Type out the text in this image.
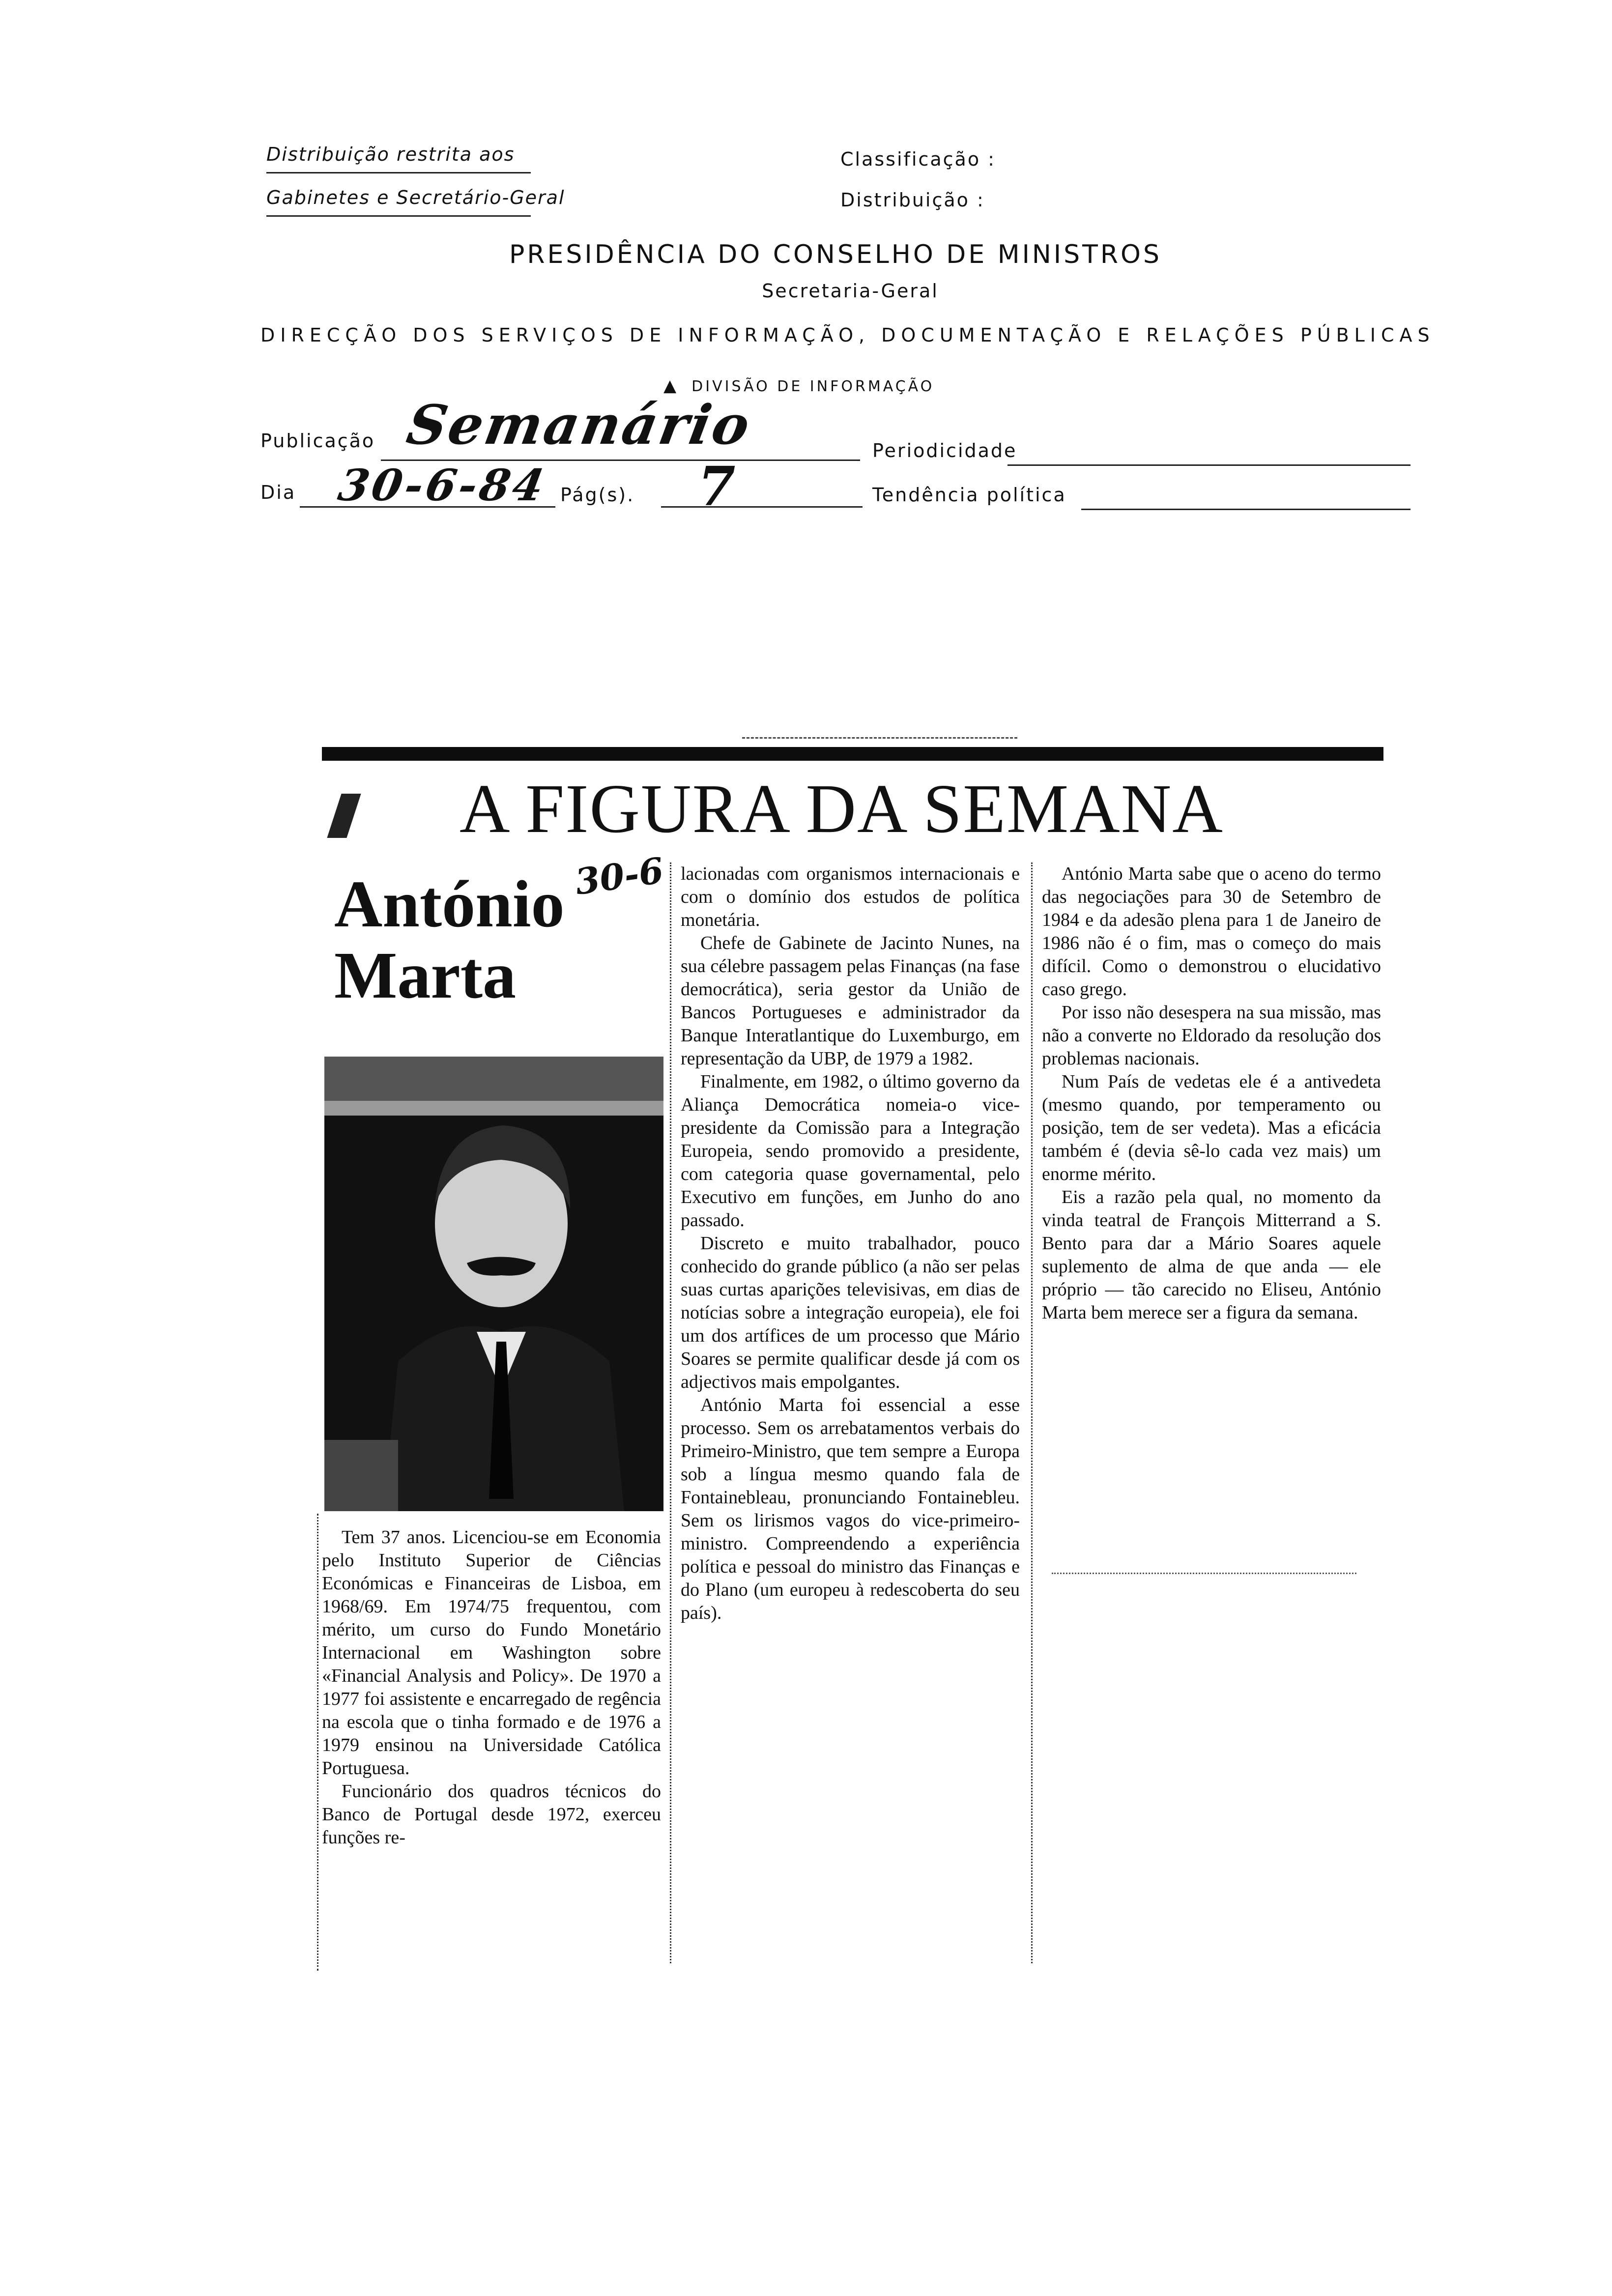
Distribuição restrita aos
Gabinetes e Secretário-Geral
Classificação :
Distribuição :
PRESIDÊNCIA DO CONSELHO DE MINISTROS
Secretaria-Geral
DIRECÇÃO DOS SERVIÇOS DE INFORMAÇÃO, DOCUMENTAÇÃO E RELAÇÕES PÚBLICAS
▲ DIVISÃO DE INFORMAÇÃO
Publicação Semanário	Periodicidade
Dia 30-6-84 Pág(s). 7	Tendência política
A FIGURA DA SEMANA
António
Marta
30-6

Tem 37 anos. Licenciou-se em Economia pelo Instituto Superior de Ciências Económicas e Financeiras de Lisboa, em 1968/69. Em 1974/75 frequentou, com mérito, um curso do Fundo Monetário Internacional em Washington sobre «Financial Analysis and Policy». De 1970 a 1977 foi assistente e encarregado de regência na escola que o tinha formado e de 1976 a 1979 ensinou na Universidade Católica Portuguesa.

Funcionário dos quadros técnicos do Banco de Portugal desde 1972, exerceu funções re-

lacionadas com organismos internacionais e com o domínio dos estudos de política monetária.

Chefe de Gabinete de Jacinto Nunes, na sua célebre passagem pelas Finanças (na fase democrática), seria gestor da União de Bancos Portugueses e administrador da Banque Interatlantique do Luxemburgo, em representação da UBP, de 1979 a 1982.

Finalmente, em 1982, o último governo da Aliança Democrática nomeia-o vice-presidente da Comissão para a Integração Europeia, sendo promovido a presidente, com categoria quase governamental, pelo Executivo em funções, em Junho do ano passado.

Discreto e muito trabalhador, pouco conhecido do grande público (a não ser pelas suas curtas aparições televisivas, em dias de notícias sobre a integração europeia), ele foi um dos artífices de um processo que Mário Soares se permite qualificar desde já com os adjectivos mais empolgantes.

António Marta foi essencial a esse processo. Sem os arrebatamentos verbais do Primeiro-Ministro, que tem sempre a Europa sob a língua mesmo quando fala de Fontainebleau, pronunciando Fontainebleu. Sem os lirismos vagos do vice-primeiro-ministro. Compreendendo a experiência política e pessoal do ministro das Finanças e do Plano (um europeu à redescoberta do seu país).

António Marta sabe que o aceno do termo das negociações para 30 de Setembro de 1984 e da adesão plena para 1 de Janeiro de 1986 não é o fim, mas o começo do mais difícil. Como o demonstrou o elucidativo caso grego.

Por isso não desespera na sua missão, mas não a converte no Eldorado da resolução dos problemas nacionais.

Num País de vedetas ele é a antivedeta (mesmo quando, por temperamento ou posição, tem de ser vedeta). Mas a eficácia também é (devia sê-lo cada vez mais) um enorme mérito.

Eis a razão pela qual, no momento da vinda teatral de François Mitterrand a S. Bento para dar a Mário Soares aquele suplemento de alma de que anda — ele próprio — tão carecido no Eliseu, António Marta bem merece ser a figura da semana.
